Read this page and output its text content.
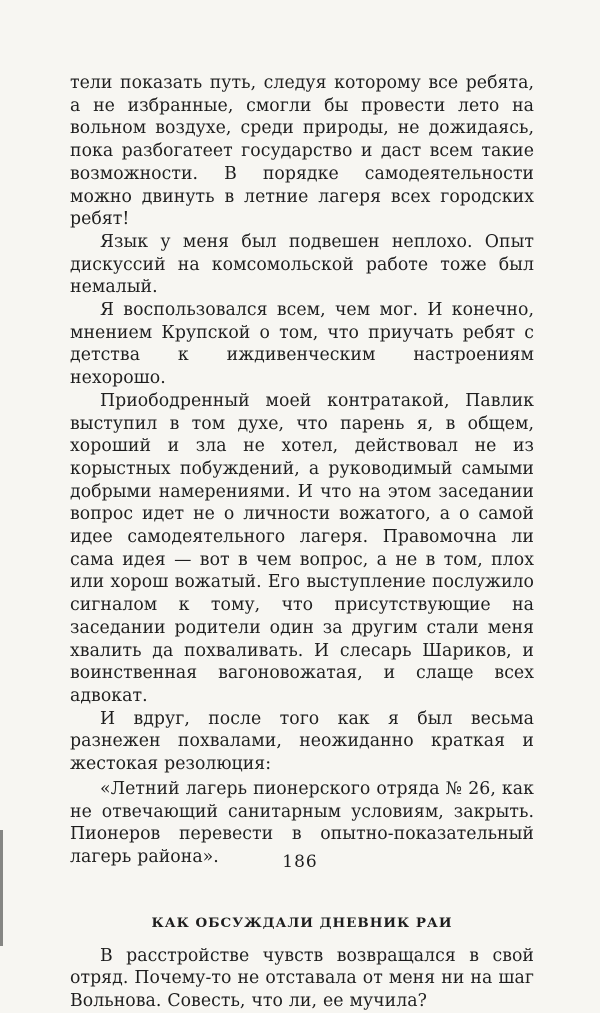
тели показать путь, следуя которому все ребята, а не избранные, смогли бы провести лето на вольном воздухе, среди природы, не дожидаясь, пока разбогатеет государство и даст всем такие возможности. В порядке самодеятельности можно двинуть в летние лагеря всех городских ребят!

Язык у меня был подвешен неплохо. Опыт дискуссий на комсомольской работе тоже был немалый.

Я воспользовался всем, чем мог. И конечно, мнением Крупской о том, что приучать ребят с детства к иждивенческим настроениям нехорошо.

Приободренный моей контратакой, Павлик выступил в том духе, что парень я, в общем, хороший и зла не хотел, действовал не из корыстных побуждений, а руководимый самыми добрыми намерениями. И что на этом заседании вопрос идет не о личности вожатого, а о самой идее самодеятельного лагеря. Правомочна ли сама идея — вот в чем вопрос, а не в том, плох или хорош вожатый. Его выступление послужило сигналом к тому, что присутствующие на заседании родители один за другим стали меня хвалить да похваливать. И слесарь Шариков, и воинственная вагоновожатая, и слаще всех адвокат.

И вдруг, после того как я был весьма разнежен похвалами, неожиданно краткая и жестокая резолюция:

«Летний лагерь пионерского отряда № 26, как не отвечающий санитарным условиям, закрыть. Пионеров перевести в опытно-показательный лагерь района».

КАК ОБСУЖДАЛИ ДНЕВНИК РАИ

В расстройстве чувств возвращался в свой отряд. Почему-то не отставала от меня ни на шаг Вольнова. Совесть, что ли, ее мучила?

186
